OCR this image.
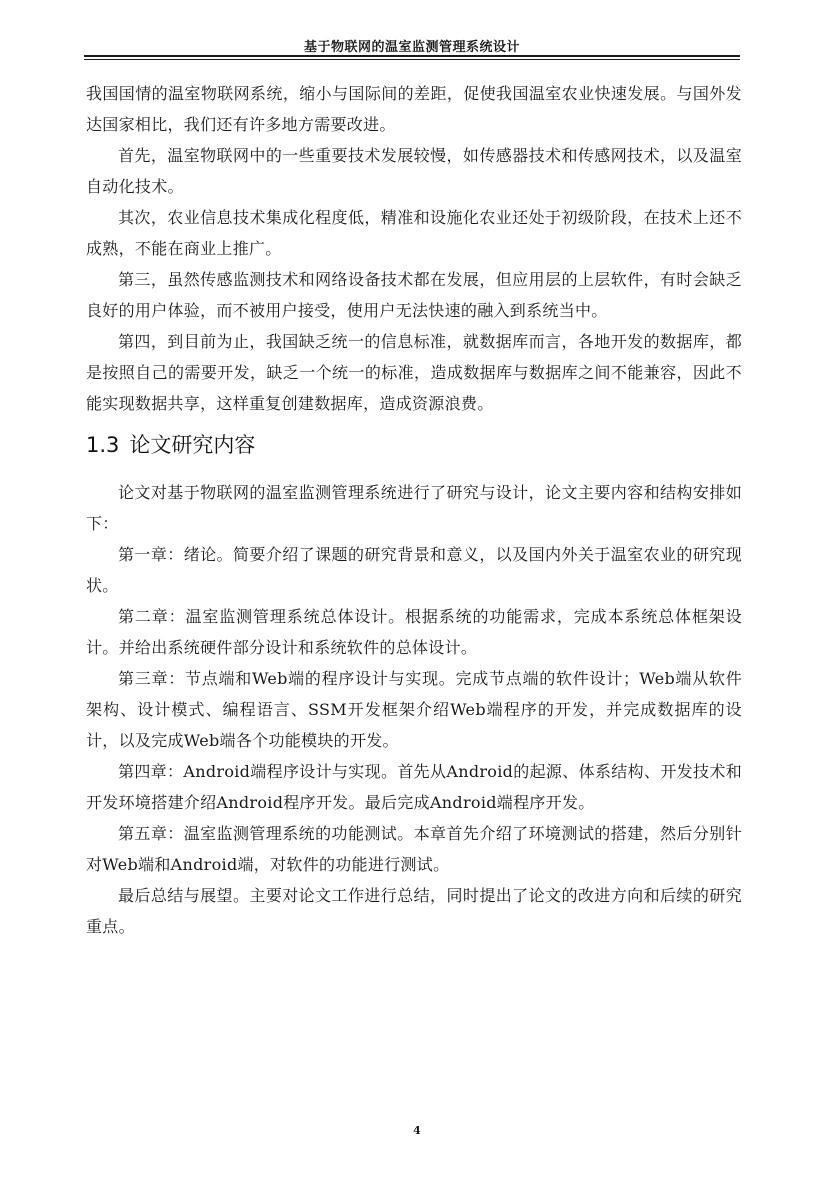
基于物联网的温室监测管理系统设计

我国国情的温室物联网系统，缩小与国际间的差距，促使我国温室农业快速发展。与国外发达国家相比，我们还有许多地方需要改进。

首先，温室物联网中的一些重要技术发展较慢，如传感器技术和传感网技术，以及温室自动化技术。

其次，农业信息技术集成化程度低，精准和设施化农业还处于初级阶段，在技术上还不成熟，不能在商业上推广。

第三，虽然传感监测技术和网络设备技术都在发展，但应用层的上层软件，有时会缺乏良好的用户体验，而不被用户接受，使用户无法快速的融入到系统当中。

第四，到目前为止，我国缺乏统一的信息标准，就数据库而言，各地开发的数据库，都是按照自己的需要开发，缺乏一个统一的标准，造成数据库与数据库之间不能兼容，因此不能实现数据共享，这样重复创建数据库，造成资源浪费。

1.3 论文研究内容

论文对基于物联网的温室监测管理系统进行了研究与设计，论文主要内容和结构安排如下：

第一章：绪论。简要介绍了课题的研究背景和意义，以及国内外关于温室农业的研究现状。

第二章：温室监测管理系统总体设计。根据系统的功能需求，完成本系统总体框架设计。并给出系统硬件部分设计和系统软件的总体设计。

第三章：节点端和Web端的程序设计与实现。完成节点端的软件设计；Web端从软件架构、设计模式、编程语言、SSM开发框架介绍Web端程序的开发，并完成数据库的设计，以及完成Web端各个功能模块的开发。

第四章：Android端程序设计与实现。首先从Android的起源、体系结构、开发技术和开发环境搭建介绍Android程序开发。最后完成Android端程序开发。

第五章：温室监测管理系统的功能测试。本章首先介绍了环境测试的搭建，然后分别针对Web端和Android端，对软件的功能进行测试。

最后总结与展望。主要对论文工作进行总结，同时提出了论文的改进方向和后续的研究重点。

4
